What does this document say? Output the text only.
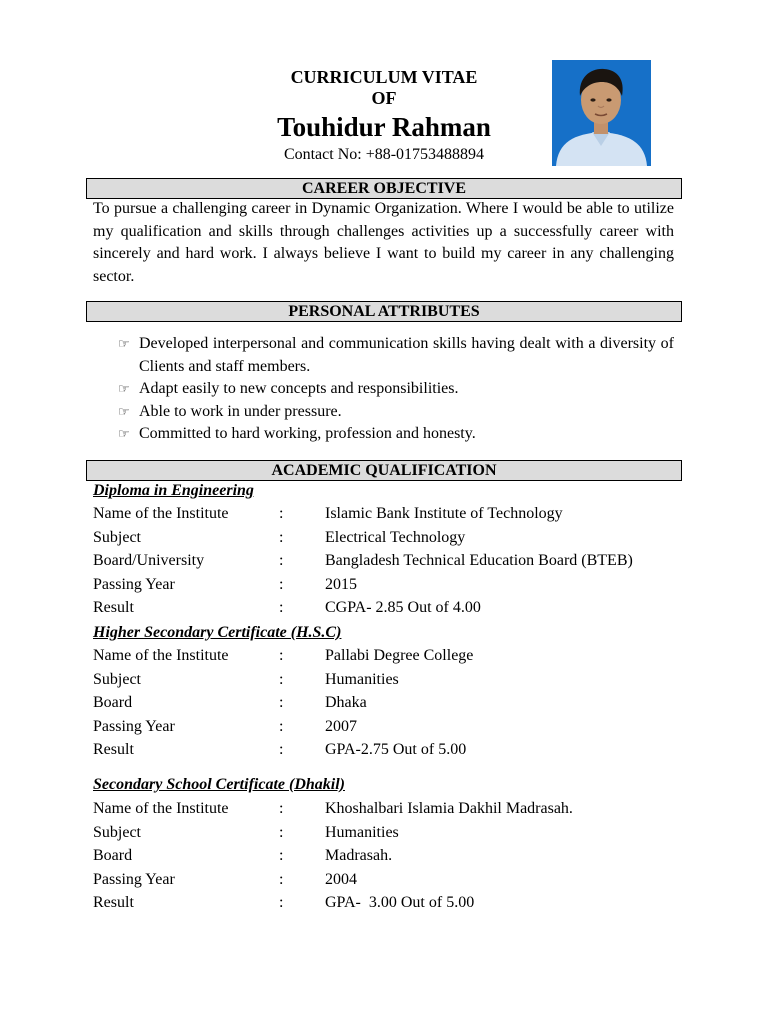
CURRICULUM VITAE
OF
Touhidur Rahman
Contact No: +88-01753488894
CAREER OBJECTIVE
To pursue a challenging career in Dynamic Organization. Where I would be able to utilize my qualification and skills through challenges activities up a successfully career with sincerely and hard work. I always believe I want to build my career in any challenging sector.
PERSONAL ATTRIBUTES
☞ Developed interpersonal and communication skills having dealt with a diversity of Clients and staff members.
☞ Adapt easily to new concepts and responsibilities.
☞ Able to work in under pressure.
☞ Committed to hard working, profession and honesty.
ACADEMIC QUALIFICATION
Diploma in Engineering
Name of the Institute	:	Islamic Bank Institute of Technology
Subject	:	Electrical Technology
Board/University	:	Bangladesh Technical Education Board (BTEB)
Passing Year	:	2015
Result	:	CGPA- 2.85 Out of 4.00
Higher Secondary Certificate (H.S.C)
Name of the Institute	:	Pallabi Degree College
Subject	:	Humanities
Board	:	Dhaka
Passing Year	:	2007
Result	:	GPA-2.75 Out of 5.00
Secondary School Certificate (Dhakil)
Name of the Institute	:	Khoshalbari Islamia Dakhil Madrasah.
Subject	:	Humanities
Board	:	Madrasah.
Passing Year	:	2004
Result	:	GPA-  3.00 Out of 5.00
